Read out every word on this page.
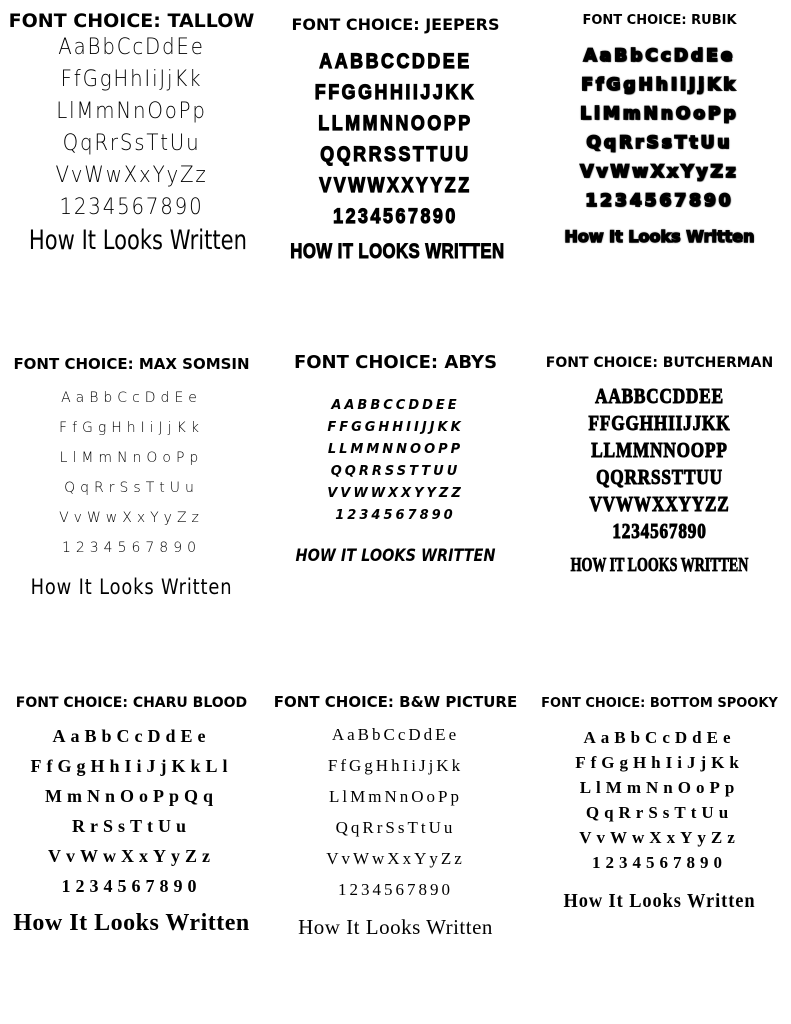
FONT CHOICE: TALLOW

AaBbCcDdEe

FfGgHhIiJjKk

LlMmNnOoPp

QqRrSsTtUu

VvWwXxYyZz

1234567890

How It Looks Written

FONT CHOICE: JEEPERS

AABBCCDDEE

FFGGHHIIJJKK

LLMMNNOOPP

QQRRSSTTUU

VVWWXXYYZZ

1234567890

HOW IT LOOKS WRITTEN

FONT CHOICE: RUBIK

AaBbCcDdEe

FfGgHhIiJjKk

LlMmNnOoPp

QqRrSsTtUu

VvWwXxYyZz

1234567890

How It Looks Written

FONT CHOICE: MAX SOMSIN

AaBbCcDdEe

FfGgHhIiJjKk

LlMmNnOoPp

QqRrSsTtUu

VvWwXxYyZz

1234567890

How It Looks Written

FONT CHOICE: ABYS

AABBCCDDEE

FFGGHHIIJJKK

LLMMNNOOPP

QQRRSSTTUU

VVWWXXYYZZ

1234567890

HOW IT LOOKS WRITTEN

FONT CHOICE: BUTCHERMAN

AABBCCDDEE

FFGGHHIIJJKK

LLMMNNOOPP

QQRRSSTTUU

VVWWXXYYZZ

1234567890

HOW IT LOOKS WRITTEN

FONT CHOICE: CHARU BLOOD

AaBbCcDdEe

FfGgHhIiJjKkLl

MmNnOoPpQq

RrSsTtUu

VvWwXxYyZz

1234567890

How It Looks Written

FONT CHOICE: B&W PICTURE

AaBbCcDdEe

FfGgHhIiJjKk

LlMmNnOoPp

QqRrSsTtUu

VvWwXxYyZz

1234567890

How It Looks Written

FONT CHOICE: BOTTOM SPOOKY

AaBbCcDdEe

FfGgHhIiJjKk

LlMmNnOoPp

QqRrSsTtUu

VvWwXxYyZz

1234567890

How It Looks Written
